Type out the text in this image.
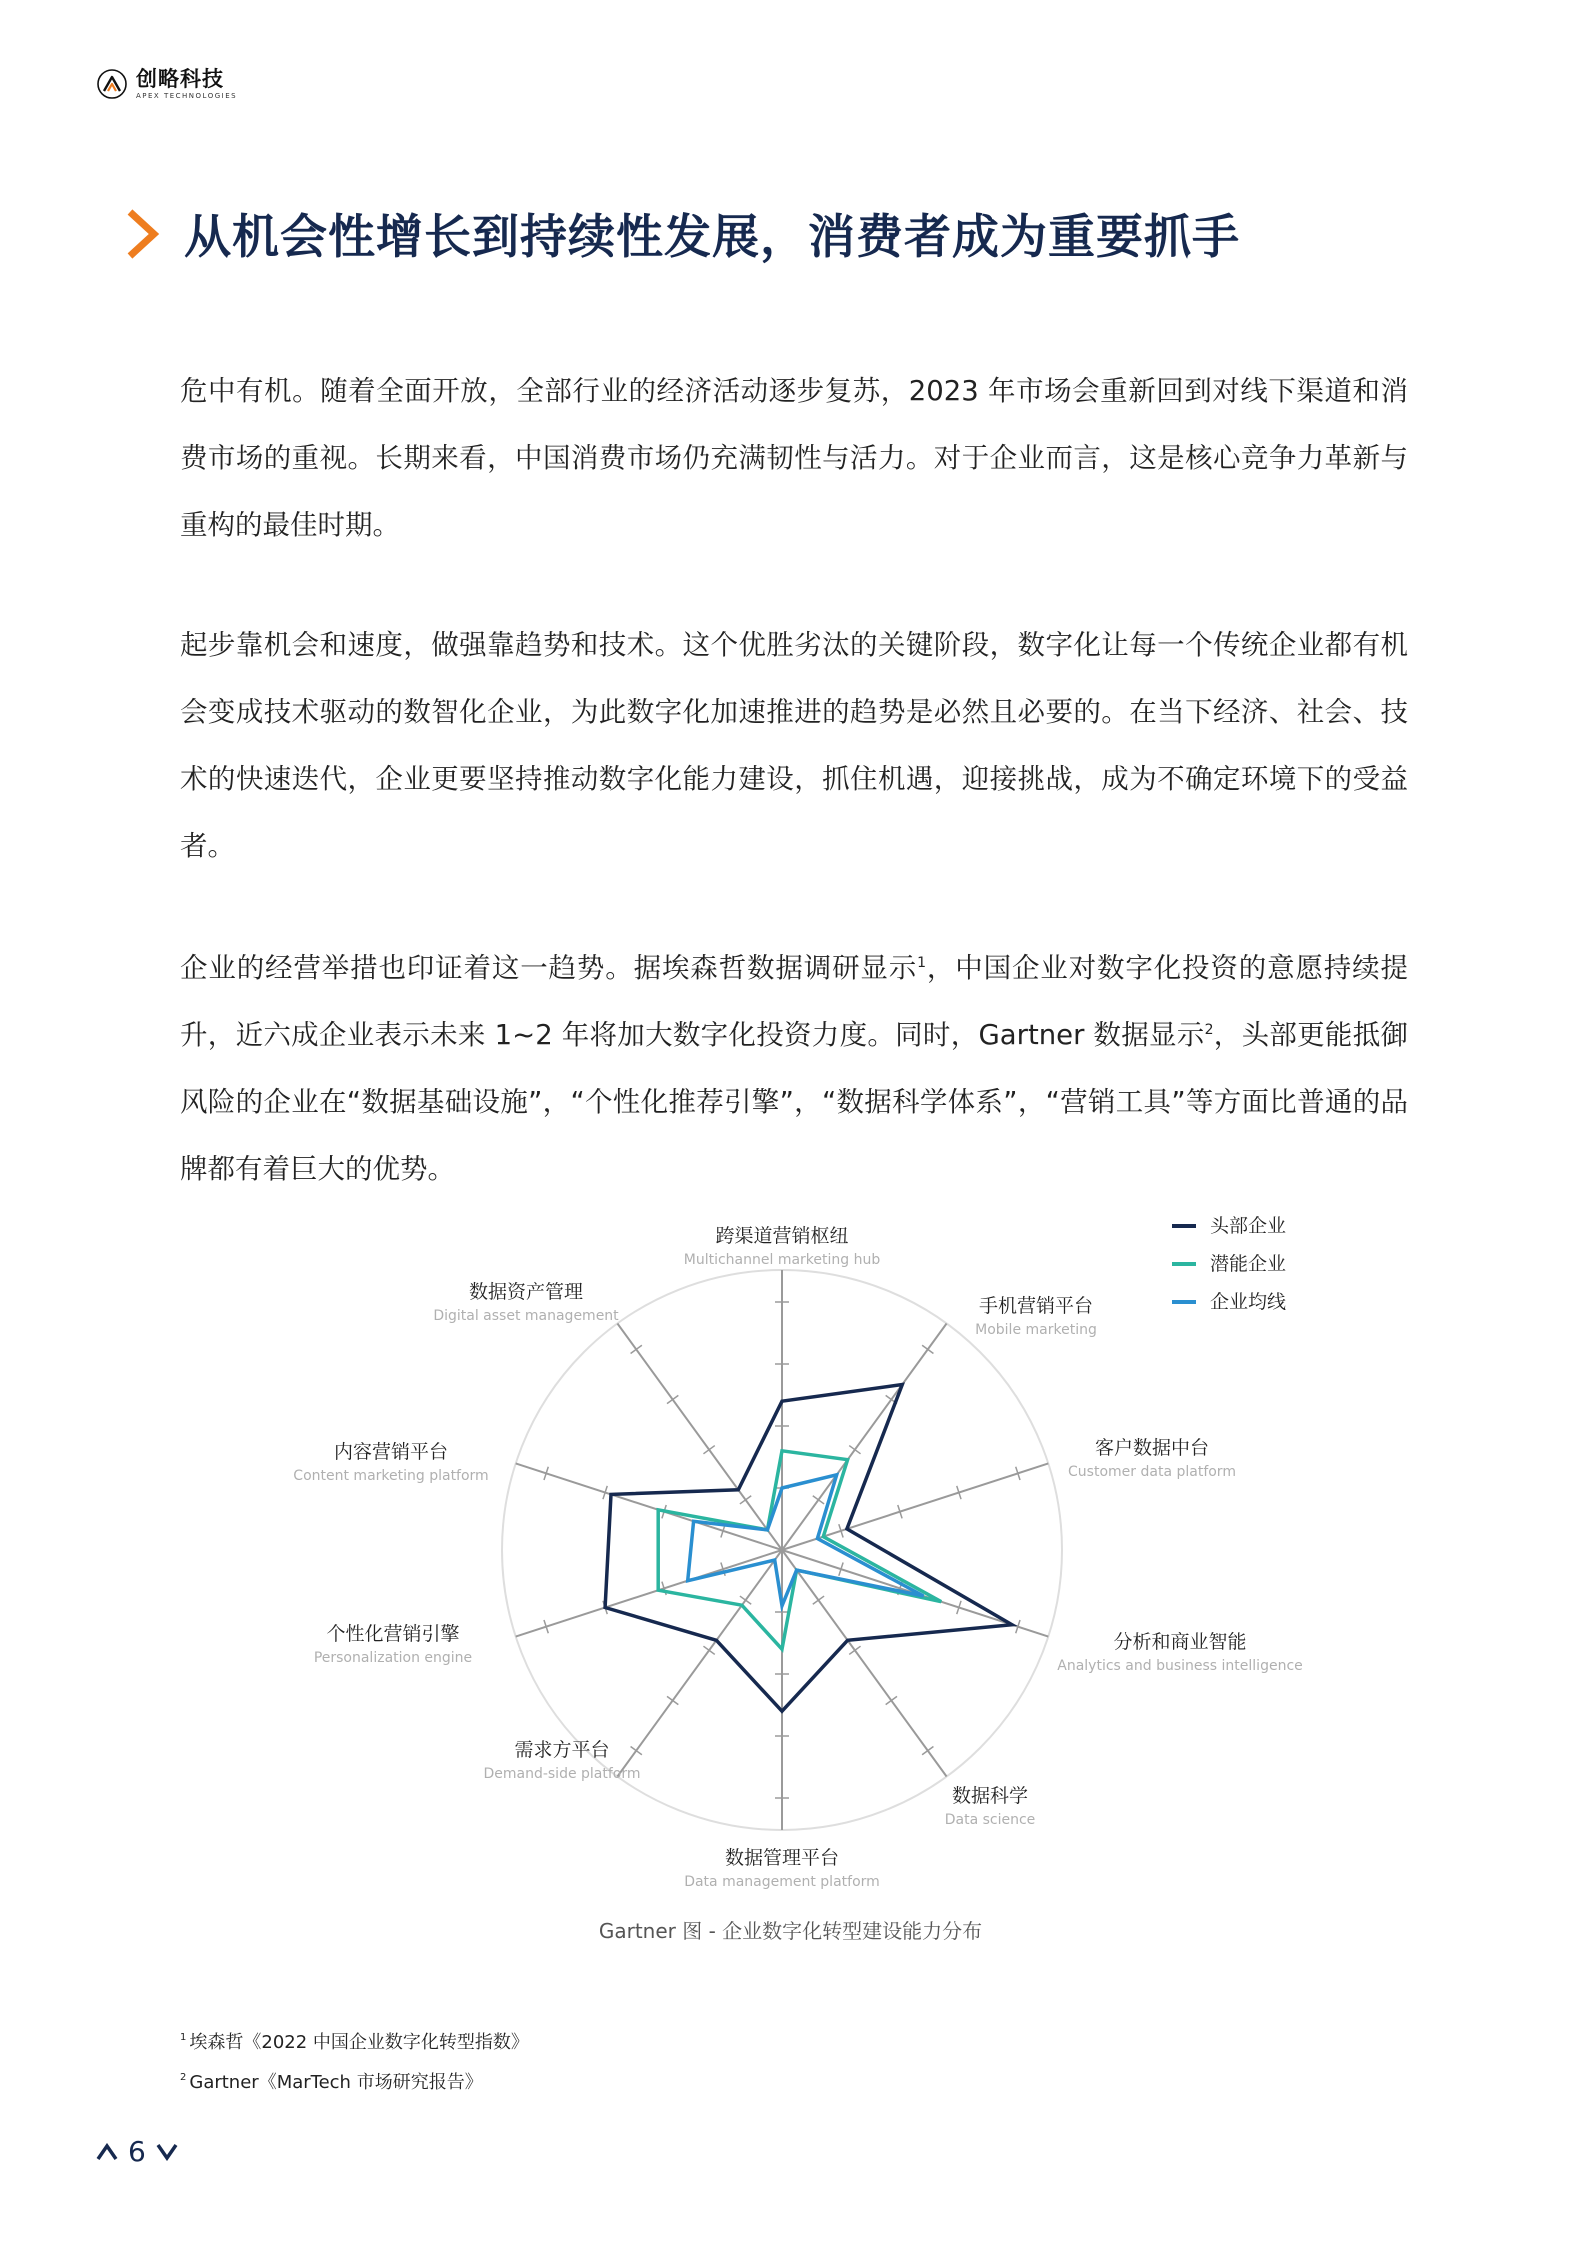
创略科技
APEX TECHNOLOGIES
从机会性增长到持续性发展，消费者成为重要抓手

危中有机。随着全面开放，全部行业的经济活动逐步复苏，2023 年市场会重新回到对线下渠道和消费市场的重视。长期来看，中国消费市场仍充满韧性与活力。对于企业而言，这是核心竞争力革新与重构的最佳时期。

起步靠机会和速度，做强靠趋势和技术。这个优胜劣汰的关键阶段，数字化让每一个传统企业都有机会变成技术驱动的数智化企业，为此数字化加速推进的趋势是必然且必要的。在当下经济、社会、技术的快速迭代，企业更要坚持推动数字化能力建设，抓住机遇，迎接挑战，成为不确定环境下的受益者。

企业的经营举措也印证着这一趋势。据埃森哲数据调研显示$^1$，中国企业对数字化投资的意愿持续提升，近六成企业表示未来 1~2 年将加大数字化投资力度。同时，Gartner 数据显示$^2$，头部更能抵御风险的企业在“数据基础设施”，“个性化推荐引擎”，“数据科学体系”，“营销工具”等方面比普通的品牌都有着巨大的优势。

跨渠道营销枢纽
Multichannel marketing hub
手机营销平台
Mobile marketing
客户数据中台
Customer data platform
分析和商业智能
Analytics and business intelligence
数据科学
Data science
数据管理平台
Data management platform
需求方平台
Demand-side platform
个性化营销引擎
Personalization engine
内容营销平台
Content marketing platform
数据资产管理
Digital asset management
头部企业
潜能企业
企业均线

Gartner 图 - 企业数字化转型建设能力分布

$^1$ 埃森哲《2022 中国企业数字化转型指数》

$^2$ Gartner《MarTech 市场研究报告》

6
